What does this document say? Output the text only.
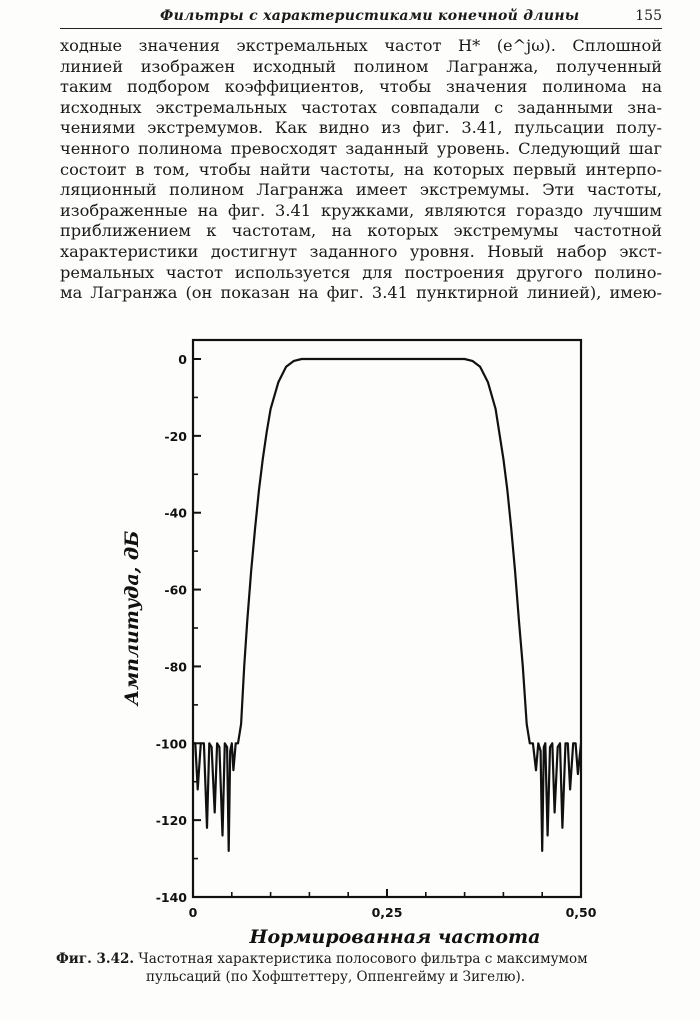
Фильтры с характеристиками конечной длины	155

ходные значения экстремальных частот H* (e^jω). Сплошной
линией изображен исходный полином Лагранжа, полученный
таким подбором коэффициентов, чтобы значения полинома на
исходных экстремальных частотах совпадали с заданными зна-
чениями экстремумов. Как видно из фиг. 3.41, пульсации полу-
ченного полинома превосходят заданный уровень. Следующий шаг
состоит в том, чтобы найти частоты, на которых первый интерпо-
ляционный полином Лагранжа имеет экстремумы. Эти частоты,
изображенные на фиг. 3.41 кружками, являются гораздо лучшим
приближением к частотам, на которых экстремумы частотной
характеристики достигнут заданного уровня. Новый набор экст-
ремальных частот используется для построения другого полино-
ма Лагранжа (он показан на фиг. 3.41 пунктирной линией), имею-

0
-20
-40
-60
-80
-100
-120
-140
0	0,25	0,50
Амплитуда, дБ
Нормированная частота
Фиг. 3.42. Частотная характеристика полосового фильтра с максимумом
пульсаций (по Хофштеттеру, Оппенгейму и Зигелю).
